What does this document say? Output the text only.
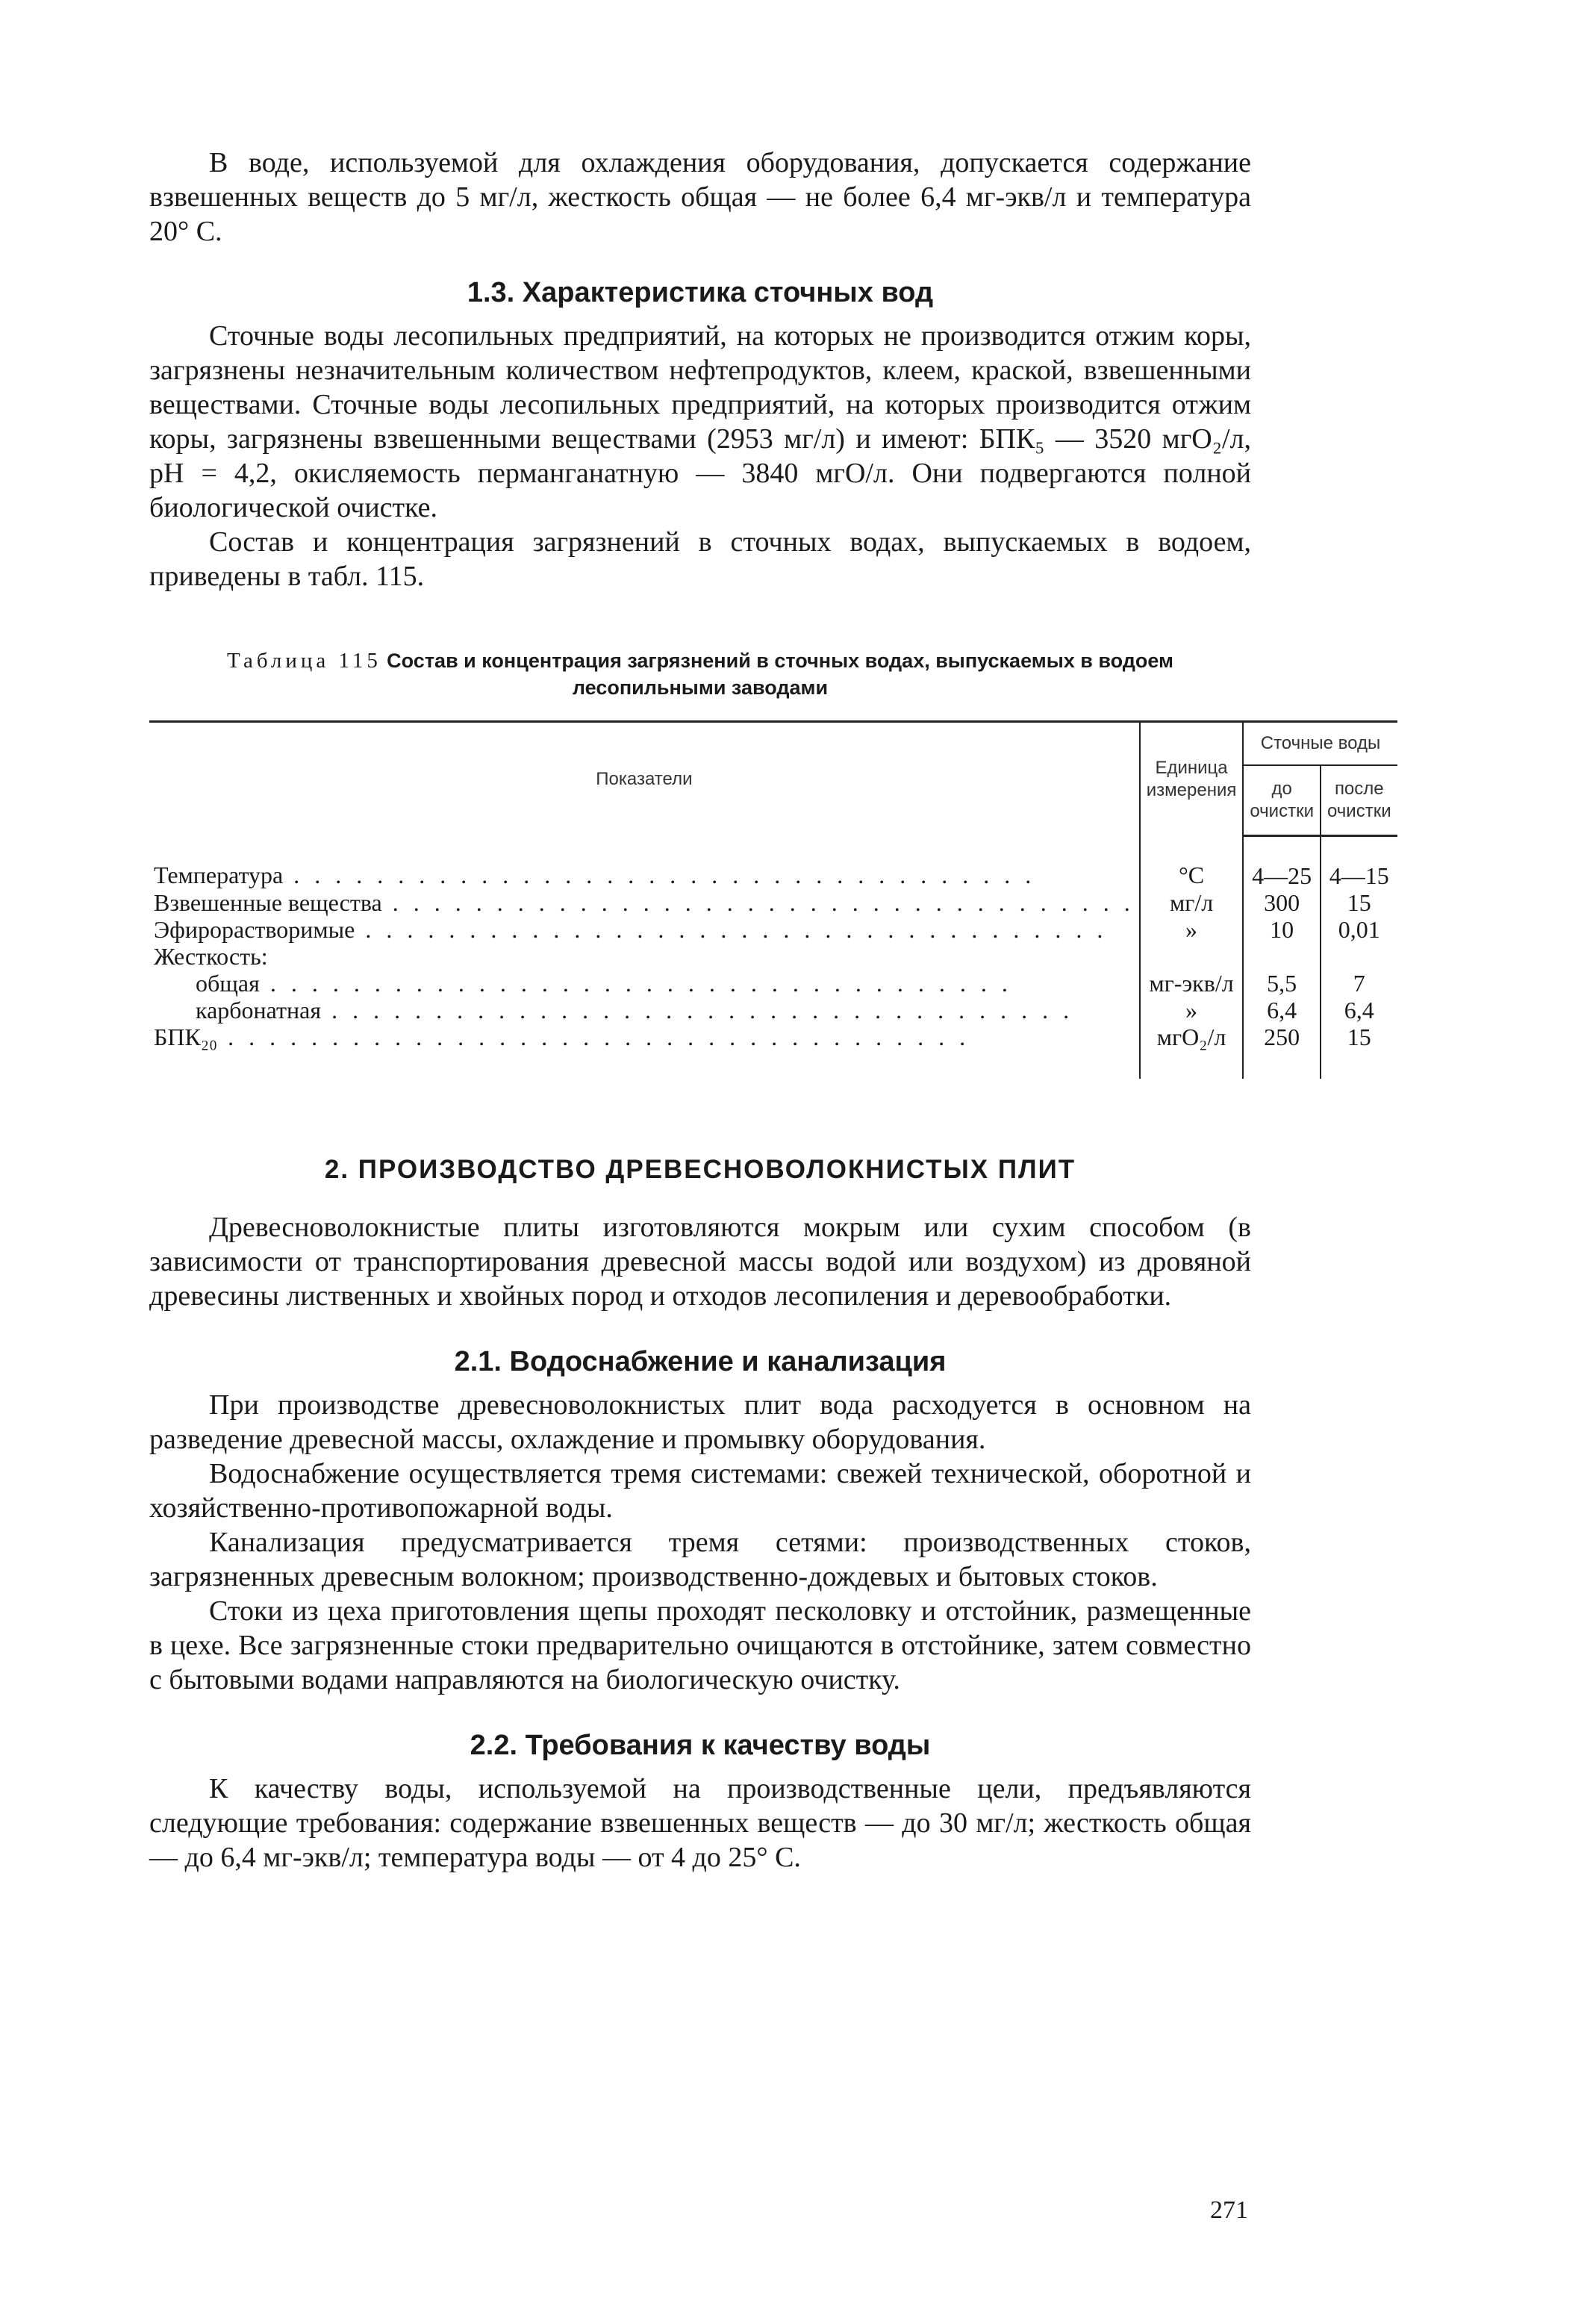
В воде, используемой для охлаждения оборудования, допускается содержание взвешенных веществ до 5 мг/л, жесткость общая — не более 6,4 мг-экв/л и температура 20° С.

1.3. Характеристика сточных вод

Сточные воды лесопильных предприятий, на которых не производится отжим коры, загрязнены незначительным количеством нефтепродуктов, клеем, краской, взвешенными веществами. Сточные воды лесопильных предприятий, на которых производится отжим коры, загрязнены взвешенными веществами (2953 мг/л) и имеют: БПК₅ — 3520 мгО₂/л, pH = 4,2, окисляемость перманганатную — 3840 мгО/л. Они подвергаются полной биологической очистке.

Состав и концентрация загрязнений в сточных водах, выпускаемых в водоем, приведены в табл. 115.

Таблица 115 Состав и концентрация загрязнений в сточных водах, выпускаемых в водоем лесопильными заводами
Показатели	Единица измерения	Сточные воды	
		до очистки	после очистки
Температура . . .	°С	4—25	4—15
Взвешенные вещества . . .	мг/л	300	15
Эфирорастворимые . . .	»	10	0,01
Жесткость:			
общая . . .	мг-экв/л	5,5	7
карбонатная . . .	»	6,4	6,4
БПК₂₀ . . .	мгО₂/л	250	15
2. ПРОИЗВОДСТВО ДРЕВЕСНОВОЛОКНИСТЫХ ПЛИТ

Древесноволокнистые плиты изготовляются мокрым или сухим способом (в зависимости от транспортирования древесной массы водой или воздухом) из дровяной древесины лиственных и хвойных пород и отходов лесопиления и деревообработки.

2.1. Водоснабжение и канализация

При производстве древесноволокнистых плит вода расходуется в основном на разведение древесной массы, охлаждение и промывку оборудования.

Водоснабжение осуществляется тремя системами: свежей технической, оборотной и хозяйственно-противопожарной воды.

Канализация предусматривается тремя сетями: производственных стоков, загрязненных древесным волокном; производственно-дождевых и бытовых стоков.

Стоки из цеха приготовления щепы проходят песколовку и отстойник, размещенные в цехе. Все загрязненные стоки предварительно очищаются в отстойнике, затем совместно с бытовыми водами направляются на биологическую очистку.

2.2. Требования к качеству воды

К качеству воды, используемой на производственные цели, предъявляются следующие требования: содержание взвешенных веществ — до 30 мг/л; жесткость общая — до 6,4 мг-экв/л; температура воды — от 4 до 25° С.

271
